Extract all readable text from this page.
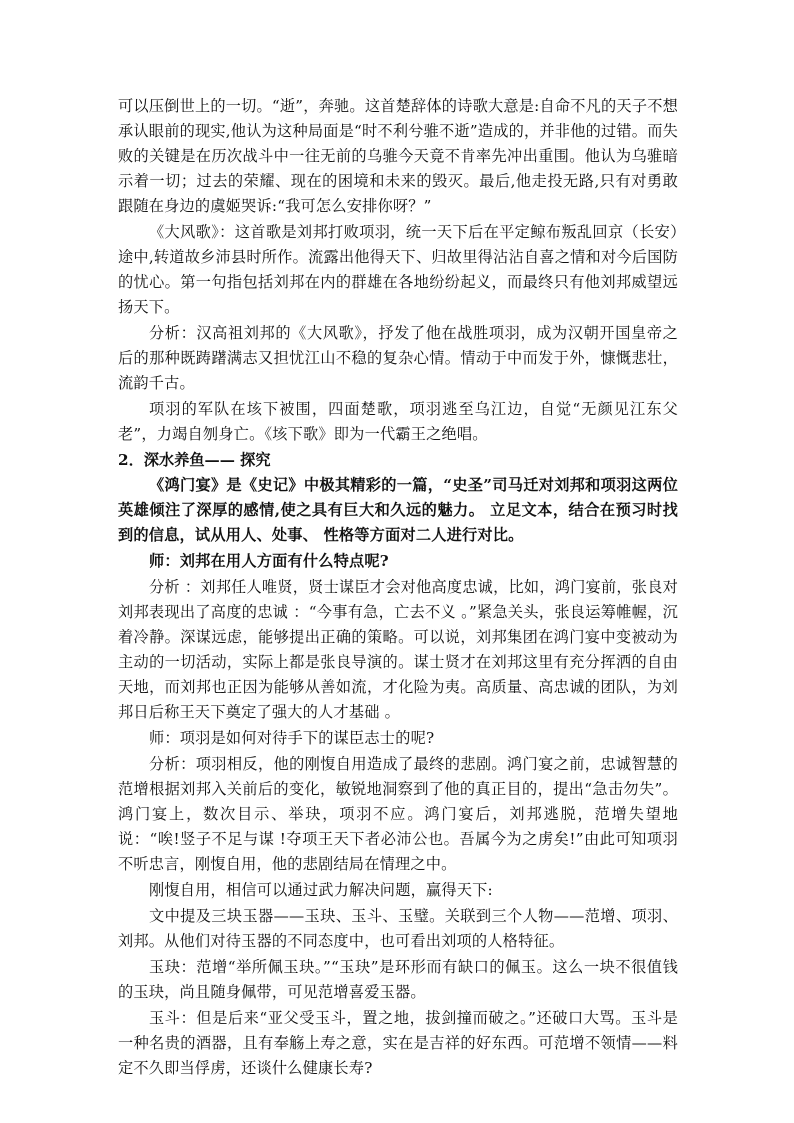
可以压倒世上的一切。“逝”，奔驰。这首楚辞体的诗歌大意是:自命不凡的天子不想承认眼前的现实,他认为这种局面是“时不利兮骓不逝”造成的，并非他的过错。而失败的关键是在历次战斗中一往无前的乌骓今天竟不肯率先冲出重围。他认为乌骓暗示着一切；过去的荣耀、现在的困境和未来的毁灭。最后,他走投无路,只有对勇敢跟随在身边的虞姬哭诉:“我可怎么安排你呀？”

《大风歌》：这首歌是刘邦打败项羽，统一天下后在平定鲸布叛乱回京（长安）途中,转道故乡沛县时所作。流露出他得天下、归故里得沾沾自喜之情和对今后国防的忧心。第一句指包括刘邦在内的群雄在各地纷纷起义，而最终只有他刘邦威望远扬天下。

分析：汉高祖刘邦的《大风歌》，抒发了他在战胜项羽，成为汉朝开国皇帝之后的那种既踌躇满志又担忧江山不稳的复杂心情。情动于中而发于外，慷慨悲壮，流韵千古。

项羽的军队在垓下被围，四面楚歌，项羽逃至乌江边，自觉“无颜见江东父老”，力竭自刎身亡。《垓下歌》即为一代霸王之绝唱。

2．深水养鱼—— 探究

《鸿门宴》是《史记》中极其精彩的一篇，“史圣”司马迁对刘邦和项羽这两位英雄倾注了深厚的感情,使之具有巨大和久远的魅力。 立足文本，结合在预习时找到的信息，试从用人、处事、 性格等方面对二人进行对比。

师：刘邦在用人方面有什么特点呢?

分析 ：刘邦任人唯贤，贤士谋臣才会对他高度忠诚，比如，鸿门宴前，张良对刘邦表现出了高度的忠诚 ：“今事有急，亡去不义 。”紧急关头，张良运筹帷幄，沉着冷静。深谋远虑，能够提出正确的策略。可以说，刘邦集团在鸿门宴中变被动为主动的一切活动，实际上都是张良导演的。谋士贤才在刘邦这里有充分挥洒的自由天地，而刘邦也正因为能够从善如流，才化险为夷。高质量、高忠诚的团队，为刘邦日后称王天下奠定了强大的人才基础 。

师：项羽是如何对待手下的谋臣志士的呢?

分析：项羽相反，他的刚愎自用造成了最终的悲剧。鸿门宴之前，忠诚智慧的范增根据刘邦入关前后的变化，敏锐地洞察到了他的真正目的，提出“急击勿失”。鸿门宴上，数次目示、举玦，项羽不应。鸿门宴后，刘邦逃脱，范增失望地说：“唉!竖子不足与谋 !夺项王天下者必沛公也。吾属今为之虏矣!”由此可知项羽不听忠言，刚愎自用，他的悲剧结局在情理之中。

刚愎自用，相信可以通过武力解决问题，赢得天下:

文中提及三块玉器——玉玦、玉斗、玉璧。关联到三个人物——范增、项羽、刘邦。从他们对待玉器的不同态度中，也可看出刘项的人格特征。

玉玦：范增“举所佩玉玦。”“玉玦”是环形而有缺口的佩玉。这么一块不很值钱的玉玦，尚且随身佩带，可见范增喜爱玉器。

玉斗：但是后来“亚父受玉斗，置之地，拔剑撞而破之。”还破口大骂。玉斗是一种名贵的酒器，且有奉觞上寿之意，实在是吉祥的好东西。可范增不领情——料定不久即当俘虏，还谈什么健康长寿?
